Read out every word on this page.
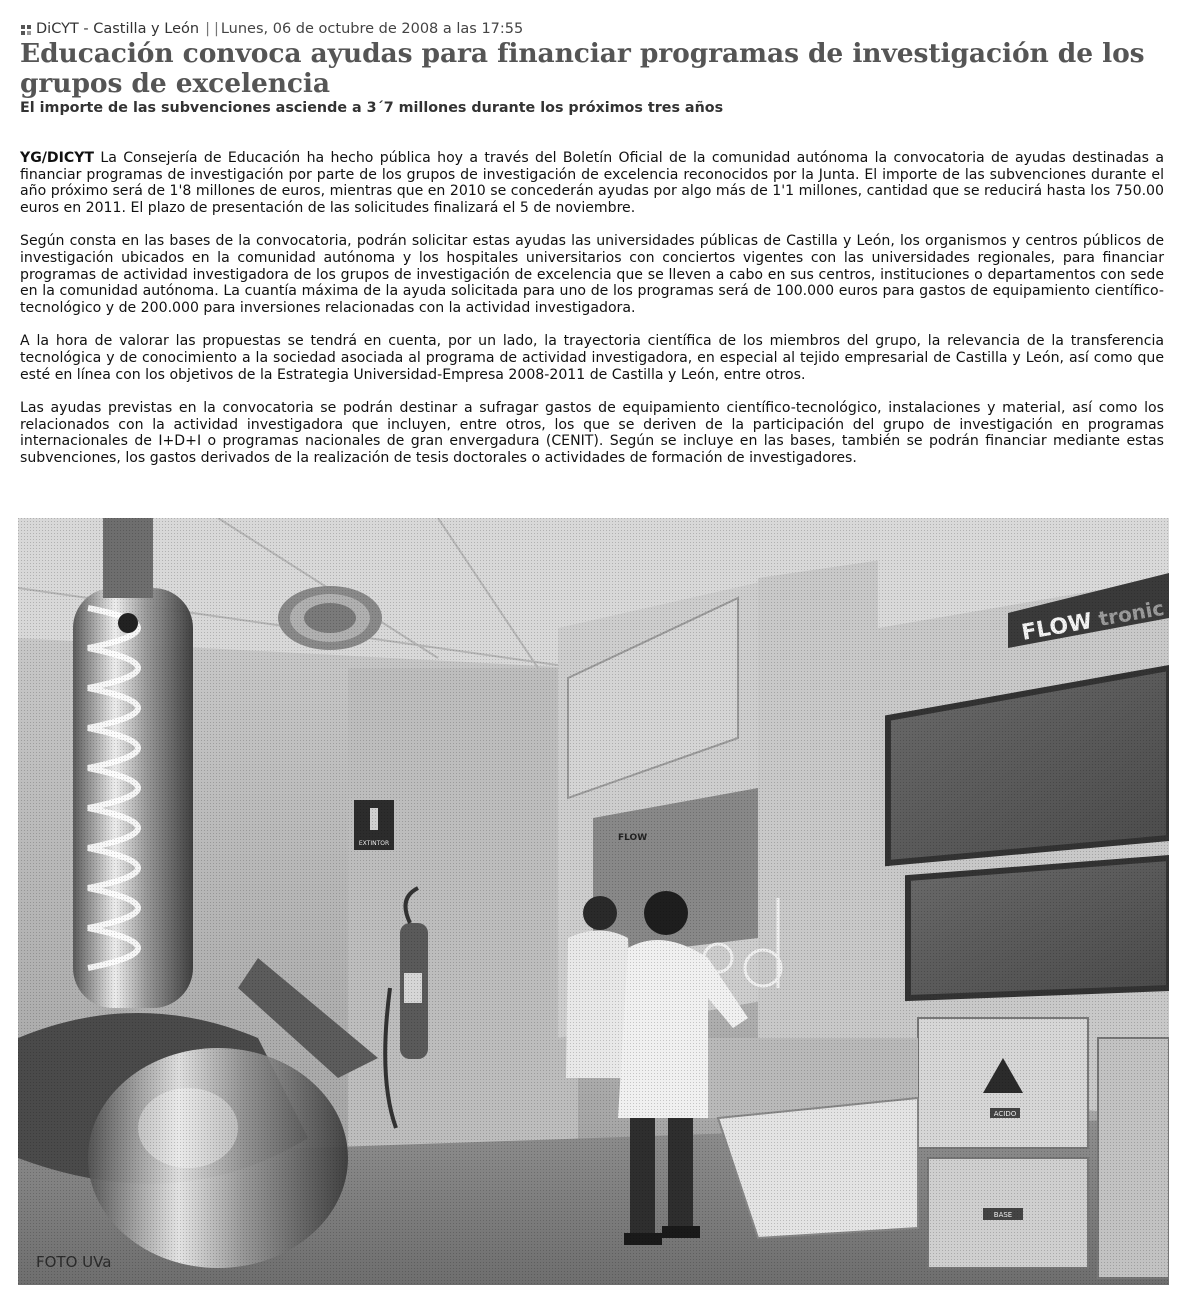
DiCYT - Castilla y León | | Lunes, 06 de octubre de 2008 a las 17:55
Educación convoca ayudas para financiar programas de investigación de los grupos de excelencia
El importe de las subvenciones asciende a 3´7 millones durante los próximos tres años

YG/DICYT La Consejería de Educación ha hecho pública hoy a través del Boletín Oficial de la comunidad autónoma la convocatoria de ayudas destinadas a financiar programas de investigación por parte de los grupos de investigación de excelencia reconocidos por la Junta. El importe de las subvenciones durante el año próximo será de 1'8 millones de euros, mientras que en 2010 se concederán ayudas por algo más de 1'1 millones, cantidad que se reducirá hasta los 750.00 euros en 2011. El plazo de presentación de las solicitudes finalizará el 5 de noviembre.

Según consta en las bases de la convocatoria, podrán solicitar estas ayudas las universidades públicas de Castilla y León, los organismos y centros públicos de investigación ubicados en la comunidad autónoma y los hospitales universitarios con conciertos vigentes con las universidades regionales, para financiar programas de actividad investigadora de los grupos de investigación de excelencia que se lleven a cabo en sus centros, instituciones o departamentos con sede en la comunidad autónoma. La cuantía máxima de la ayuda solicitada para uno de los programas será de 100.000 euros para gastos de equipamiento científico-tecnológico y de 200.000 para inversiones relacionadas con la actividad investigadora.

A la hora de valorar las propuestas se tendrá en cuenta, por un lado, la trayectoria científica de los miembros del grupo, la relevancia de la transferencia tecnológica y de conocimiento a la sociedad asociada al programa de actividad investigadora, en especial al tejido empresarial de Castilla y León, así como que esté en línea con los objetivos de la Estrategia Universidad-Empresa 2008-2011 de Castilla y León, entre otros.

Las ayudas previstas en la convocatoria se podrán destinar a sufragar gastos de equipamiento científico-tecnológico, instalaciones y material, así como los relacionados con la actividad investigadora que incluyen, entre otros, los que se deriven de la participación del grupo de investigación en programas internacionales de I+D+I o programas nacionales de gran envergadura (CENIT). Según se incluye en las bases, también se podrán financiar mediante estas subvenciones, los gastos derivados de la realización de tesis doctorales o actividades de formación de investigadores.

FOTO UVa
